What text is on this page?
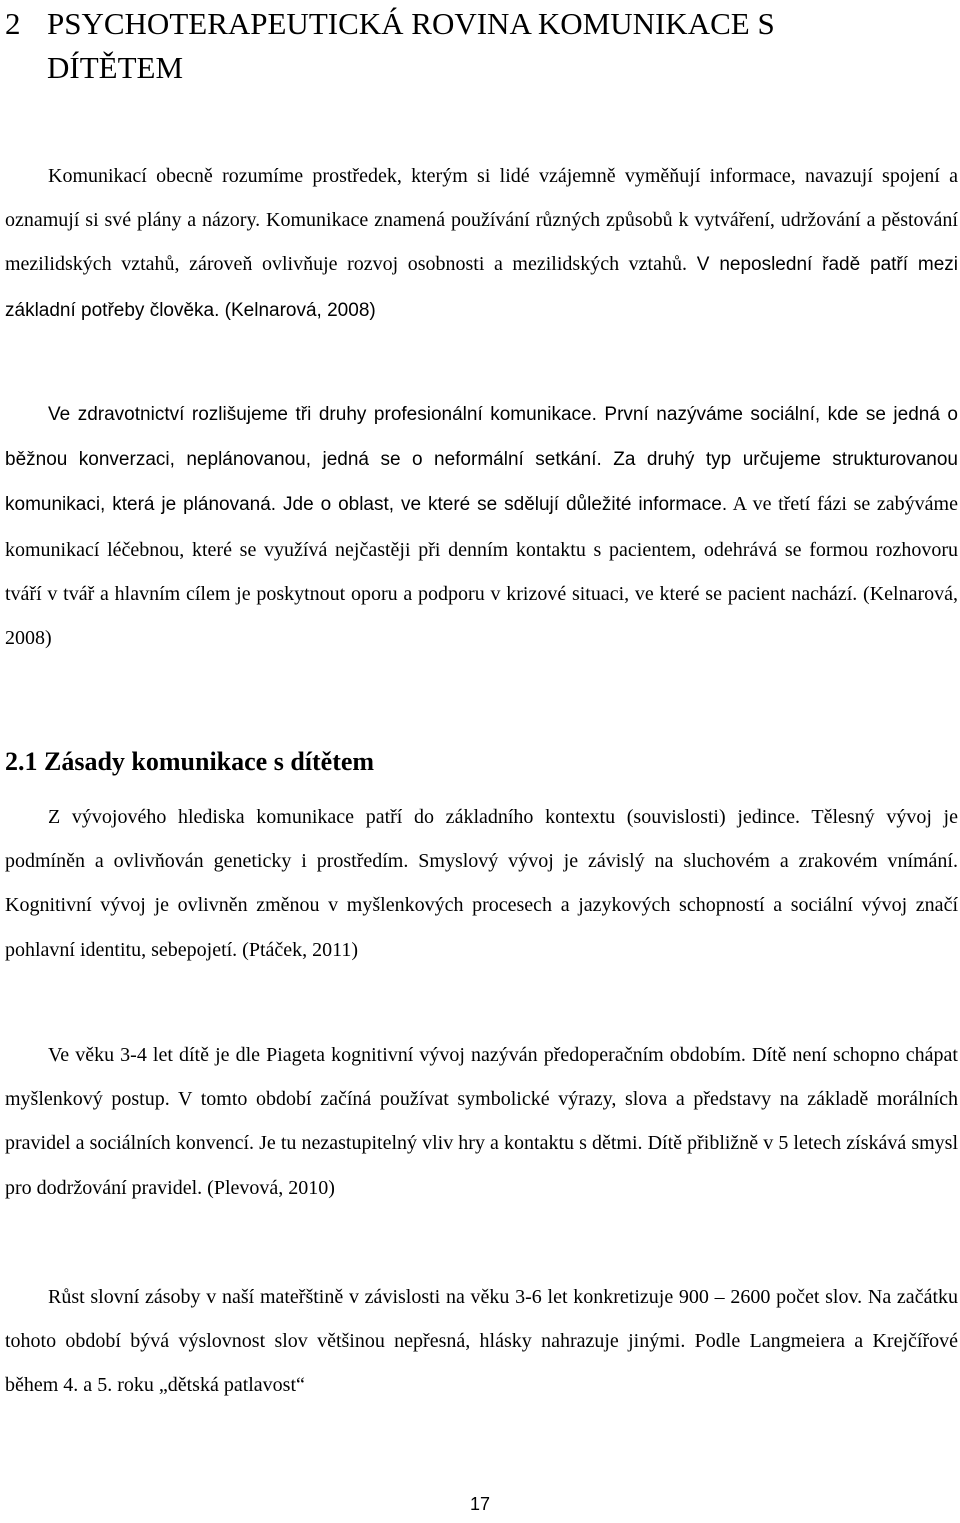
2 PSYCHOTERAPEUTICKÁ ROVINA KOMUNIKACE S DÍTĚTEM

Komunikací obecně rozumíme prostředek, kterým si lidé vzájemně vyměňují informace, navazují spojení a oznamují si své plány a názory. Komunikace znamená používání různých způsobů k vytváření, udržování a pěstování mezilidských vztahů, zároveň ovlivňuje rozvoj osobnosti a mezilidských vztahů. V neposlední řadě patří mezi základní potřeby člověka. (Kelnarová, 2008)

Ve zdravotnictví rozlišujeme tři druhy profesionální komunikace. První nazýváme sociální, kde se jedná o běžnou konverzaci, neplánovanou, jedná se o neformální setkání. Za druhý typ určujeme strukturovanou komunikaci, která je plánovaná. Jde o oblast, ve které se sdělují důležité informace. A ve třetí fázi se zabýváme komunikací léčebnou, které se využívá nejčastěji při denním kontaktu s pacientem, odehrává se formou rozhovoru tváří v tvář a hlavním cílem je poskytnout oporu a podporu v krizové situaci, ve které se pacient nachází. (Kelnarová, 2008)

2.1 Zásady komunikace s dítětem

Z vývojového hlediska komunikace patří do základního kontextu (souvislosti) jedince. Tělesný vývoj je podmíněn a ovlivňován geneticky i prostředím. Smyslový vývoj je závislý na sluchovém a zrakovém vnímání. Kognitivní vývoj je ovlivněn změnou v myšlenkových procesech a jazykových schopností a sociální vývoj značí pohlavní identitu, sebepojetí. (Ptáček, 2011)

Ve věku 3-4 let dítě je dle Piageta kognitivní vývoj nazýván předoperačním obdobím. Dítě není schopno chápat myšlenkový postup. V tomto období začíná používat symbolické výrazy, slova a představy na základě morálních pravidel a sociálních konvencí. Je tu nezastupitelný vliv hry a kontaktu s dětmi. Dítě přibližně v 5 letech získává smysl pro dodržování pravidel. (Plevová, 2010)

Růst slovní zásoby v naší mateřštině v závislosti na věku 3-6 let konkretizuje 900 – 2600 počet slov. Na začátku tohoto období bývá výslovnost slov většinou nepřesná, hlásky nahrazuje jinými. Podle Langmeiera a Krejčířové během 4. a 5. roku „dětská patlavost“

17
